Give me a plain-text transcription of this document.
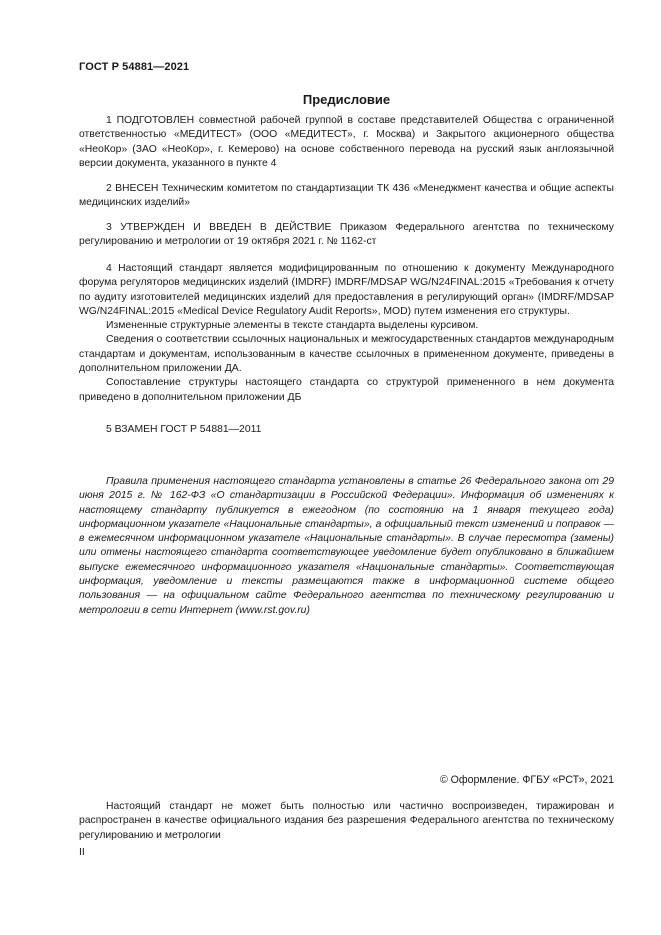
ГОСТ Р 54881—2021
Предисловие

1 ПОДГОТОВЛЕН совместной рабочей группой в составе представителей Общества с ограниченной ответственностью «МЕДИТЕСТ» (ООО «МЕДИТЕСТ», г. Москва) и Закрытого акционерного общества «НеоКор» (ЗАО «НеоКор», г. Кемерово) на основе собственного перевода на русский язык англоязычной версии документа, указанного в пункте 4

2 ВНЕСЕН Техническим комитетом по стандартизации ТК 436 «Менеджмент качества и общие аспекты медицинских изделий»

3 УТВЕРЖДЕН И ВВЕДЕН В ДЕЙСТВИЕ Приказом Федерального агентства по техническому регулированию и метрологии от 19 октября 2021 г. № 1162-ст

4 Настоящий стандарт является модифицированным по отношению к документу Международного форума регуляторов медицинских изделий (IMDRF) IMDRF/MDSAP WG/N24FINAL:2015 «Требования к отчету по аудиту изготовителей медицинских изделий для предоставления в регулирующий орган» (IMDRF/MDSAP WG/N24FINAL:2015 «Medical Device Regulatory Audit Reports», MOD) путем изменения его структуры.

Измененные структурные элементы в тексте стандарта выделены курсивом.

Сведения о соответствии ссылочных национальных и межгосударственных стандартов международным стандартам и документам, использованным в качестве ссылочных в примененном документе, приведены в дополнительном приложении ДА.

Сопоставление структуры настоящего стандарта со структурой примененного в нем документа приведено в дополнительном приложении ДБ

5 ВЗАМЕН ГОСТ Р 54881—2011

Правила применения настоящего стандарта установлены в статье 26 Федерального закона от 29 июня 2015 г. № 162-ФЗ «О стандартизации в Российской Федерации». Информация об изменениях к настоящему стандарту публикуется в ежегодном (по состоянию на 1 января текущего года) информационном указателе «Национальные стандарты», а официальный текст изменений и поправок — в ежемесячном информационном указателе «Национальные стандарты». В случае пересмотра (замены) или отмены настоящего стандарта соответствующее уведомление будет опубликовано в ближайшем выпуске ежемесячного информационного указателя «Национальные стандарты». Соответствующая информация, уведомление и тексты размещаются также в информационной системе общего пользования — на официальном сайте Федерального агентства по техническому регулированию и метрологии в сети Интернет (www.rst.gov.ru)

© Оформление. ФГБУ «РСТ», 2021

Настоящий стандарт не может быть полностью или частично воспроизведен, тиражирован и распространен в качестве официального издания без разрешения Федерального агентства по техническому регулированию и метрологии

II
